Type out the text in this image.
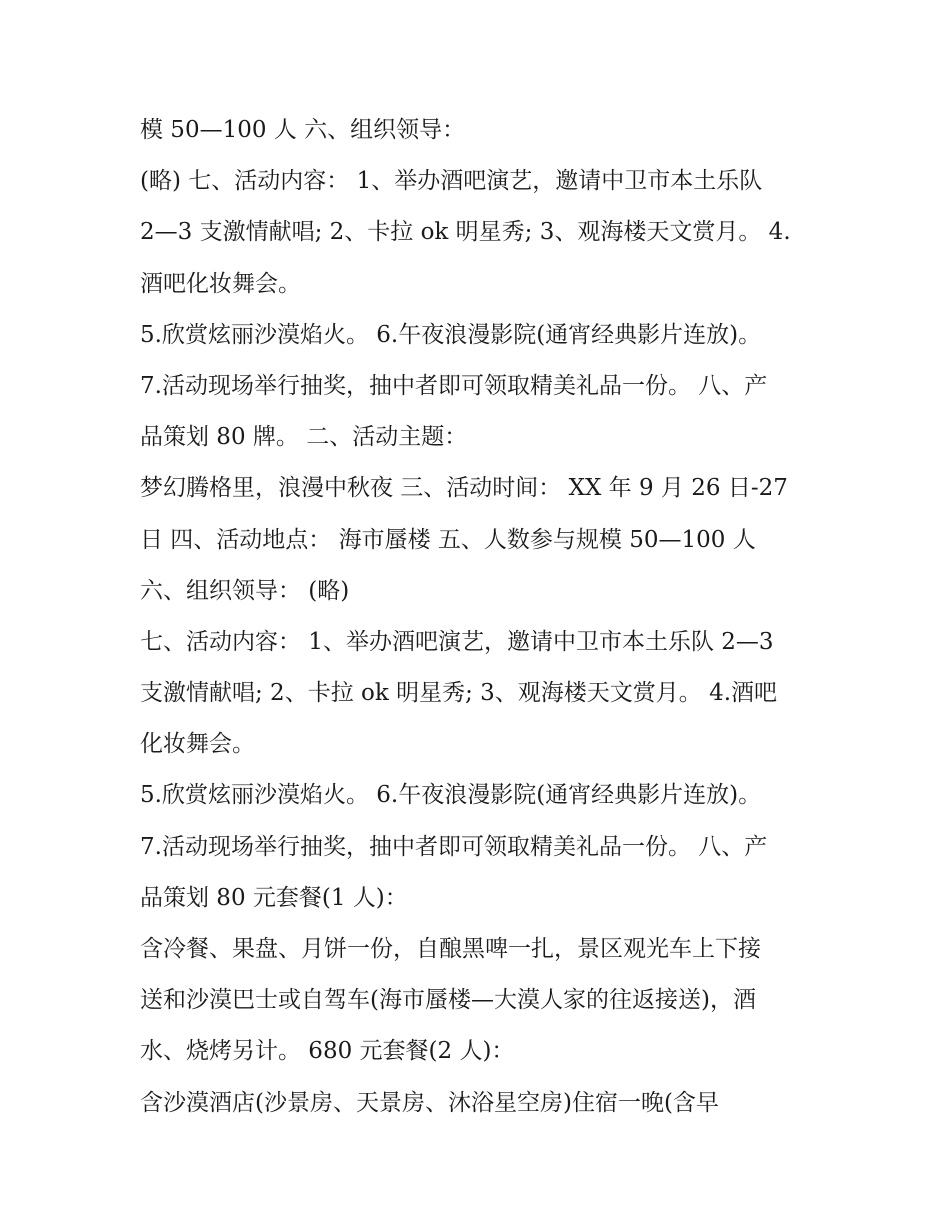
模 50—100 人 六、组织领导：
(略) 七、活动内容： 1、举办酒吧演艺，邀请中卫市本土乐队
2—3 支激情献唱; 2、卡拉 ok 明星秀; 3、观海楼天文赏月。 4.
酒吧化妆舞会。
5.欣赏炫丽沙漠焰火。 6.午夜浪漫影院(通宵经典影片连放)。
7.活动现场举行抽奖，抽中者即可领取精美礼品一份。 八、产
品策划 80 牌。 二、活动主题：
梦幻腾格里，浪漫中秋夜 三、活动时间： XX 年 9 月 26 日-27
日 四、活动地点： 海市蜃楼 五、人数参与规模 50—100 人
六、组织领导： (略)
七、活动内容： 1、举办酒吧演艺，邀请中卫市本土乐队 2—3
支激情献唱; 2、卡拉 ok 明星秀; 3、观海楼天文赏月。 4.酒吧
化妆舞会。
5.欣赏炫丽沙漠焰火。 6.午夜浪漫影院(通宵经典影片连放)。
7.活动现场举行抽奖，抽中者即可领取精美礼品一份。 八、产
品策划 80 元套餐(1 人)：
含冷餐、果盘、月饼一份，自酿黑啤一扎，景区观光车上下接
送和沙漠巴士或自驾车(海市蜃楼—大漠人家的往返接送)，酒
水、烧烤另计。 680 元套餐(2 人)：
含沙漠酒店(沙景房、天景房、沐浴星空房)住宿一晚(含早
